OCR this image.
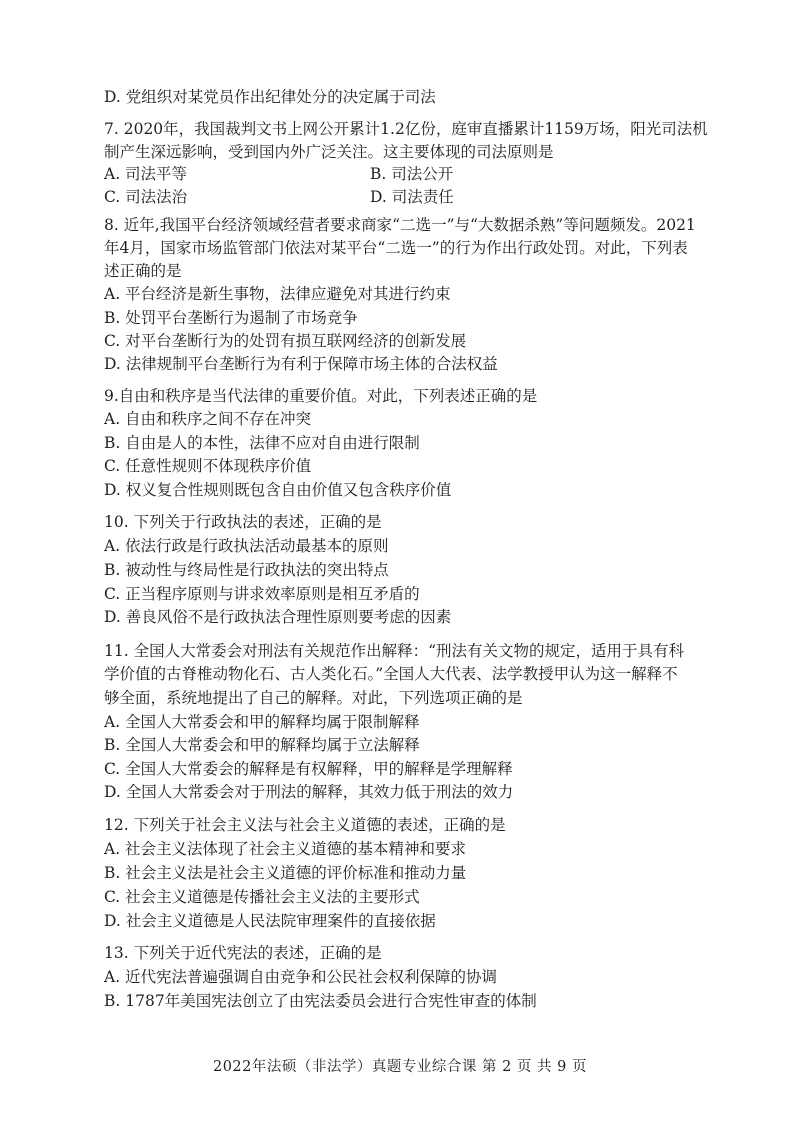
D. 党组织对某党员作出纪律处分的决定属于司法
7. 2020年，我国裁判文书上网公开累计1.2亿份，庭审直播累计1159万场，阳光司法机
制产生深远影响，受到国内外广泛关注。这主要体现的司法原则是
A. 司法平等	B. 司法公开
C. 司法法治	D. 司法责任
8. 近年,我国平台经济领域经营者要求商家“二选一”与“大数据杀熟”等问题频发。2021
年4月，国家市场监管部门依法对某平台“二选一”的行为作出行政处罚。对此，下列表
述正确的是
A. 平台经济是新生事物，法律应避免对其进行约束
B. 处罚平台垄断行为遏制了市场竞争
C. 对平台垄断行为的处罚有损互联网经济的创新发展
D. 法律规制平台垄断行为有利于保障市场主体的合法权益
9.自由和秩序是当代法律的重要价值。对此，下列表述正确的是
A. 自由和秩序之间不存在冲突
B. 自由是人的本性，法律不应对自由进行限制
C. 任意性规则不体现秩序价值
D. 权义复合性规则既包含自由价值又包含秩序价值
10. 下列关于行政执法的表述，正确的是
A. 依法行政是行政执法活动最基本的原则
B. 被动性与终局性是行政执法的突出特点
C. 正当程序原则与讲求效率原则是相互矛盾的
D. 善良风俗不是行政执法合理性原则要考虑的因素
11. 全国人大常委会对刑法有关规范作出解释：“刑法有关文物的规定，适用于具有科
学价值的古脊椎动物化石、古人类化石。”全国人大代表、法学教授甲认为这一解释不
够全面，系统地提出了自己的解释。对此，下列选项正确的是
A. 全国人大常委会和甲的解释均属于限制解释
B. 全国人大常委会和甲的解释均属于立法解释
C. 全国人大常委会的解释是有权解释，甲的解释是学理解释
D. 全国人大常委会对于刑法的解释，其效力低于刑法的效力
12. 下列关于社会主义法与社会主义道德的表述，正确的是
A. 社会主义法体现了社会主义道德的基本精神和要求
B. 社会主义法是社会主义道德的评价标准和推动力量
C. 社会主义道德是传播社会主义法的主要形式
D. 社会主义道德是人民法院审理案件的直接依据
13. 下列关于近代宪法的表述，正确的是
A. 近代宪法普遍强调自由竞争和公民社会权利保障的协调
B. 1787年美国宪法创立了由宪法委员会进行合宪性审查的体制
2022年法硕（非法学）真题专业综合课 第 2 页 共 9 页
